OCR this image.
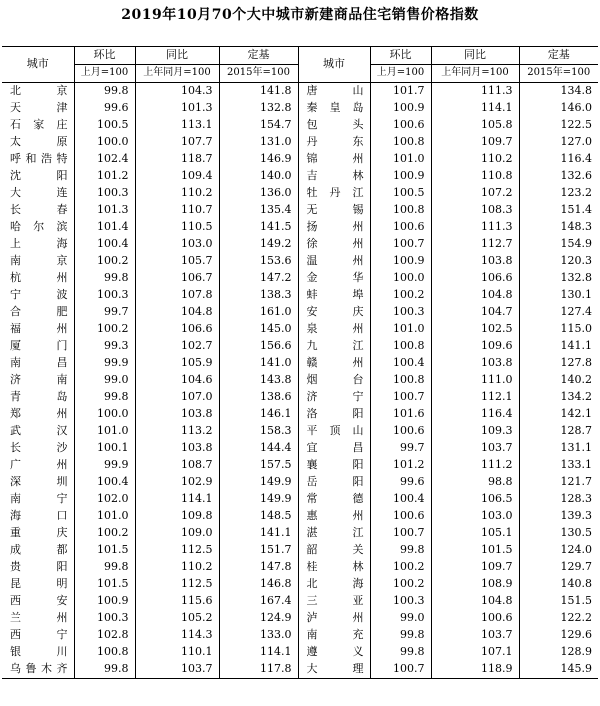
2019年10月70个大中城市新建商品住宅销售价格指数
城市	环比	同比	定基	城市	环比	同比	定基
	上月=100	上年同月=100	2015年=100		上月=100	上年同月=100	2015年=100
北京	99.8	104.3	141.8	唐山	101.7	111.3	134.8
天津	99.6	101.3	132.8	秦皇岛	100.9	114.1	146.0
石家庄	100.5	113.1	154.7	包头	100.6	105.8	122.5
太原	100.0	107.7	131.0	丹东	100.8	109.7	127.0
呼和浩特	102.4	118.7	146.9	锦州	101.0	110.2	116.4
沈阳	101.2	109.4	140.0	吉林	100.9	110.8	132.6
大连	100.3	110.2	136.0	牡丹江	100.5	107.2	123.2
长春	101.3	110.7	135.4	无锡	100.8	108.3	151.4
哈尔滨	101.4	110.5	141.5	扬州	100.6	111.3	148.3
上海	100.4	103.0	149.2	徐州	100.7	112.7	154.9
南京	100.2	105.7	153.6	温州	100.9	103.8	120.3
杭州	99.8	106.7	147.2	金华	100.0	106.6	132.8
宁波	100.3	107.8	138.3	蚌埠	100.2	104.8	130.1
合肥	99.7	104.8	161.0	安庆	100.3	104.7	127.4
福州	100.2	106.6	145.0	泉州	101.0	102.5	115.0
厦门	99.3	102.7	156.6	九江	100.8	109.6	141.1
南昌	99.9	105.9	141.0	赣州	100.4	103.8	127.8
济南	99.0	104.6	143.8	烟台	100.8	111.0	140.2
青岛	99.8	107.0	138.6	济宁	100.7	112.1	134.2
郑州	100.0	103.8	146.1	洛阳	101.6	116.4	142.1
武汉	101.0	113.2	158.3	平顶山	100.6	109.3	128.7
长沙	100.1	103.8	144.4	宜昌	99.7	103.7	131.1
广州	99.9	108.7	157.5	襄阳	101.2	111.2	133.1
深圳	100.4	102.9	149.9	岳阳	99.6	98.8	121.7
南宁	102.0	114.1	149.9	常德	100.4	106.5	128.3
海口	101.0	109.8	148.5	惠州	100.6	103.0	139.3
重庆	100.2	109.0	141.1	湛江	100.7	105.1	130.5
成都	101.5	112.5	151.7	韶关	99.8	101.5	124.0
贵阳	99.8	110.2	147.8	桂林	100.2	109.7	129.7
昆明	101.5	112.5	146.8	北海	100.2	108.9	140.8
西安	100.9	115.6	167.4	三亚	100.3	104.8	151.5
兰州	100.3	105.2	124.9	泸州	99.0	100.6	122.2
西宁	102.8	114.3	133.0	南充	99.8	103.7	129.6
银川	100.8	110.1	114.1	遵义	99.8	107.1	128.9
乌鲁木齐	99.8	103.7	117.8	大理	100.7	118.9	145.9
